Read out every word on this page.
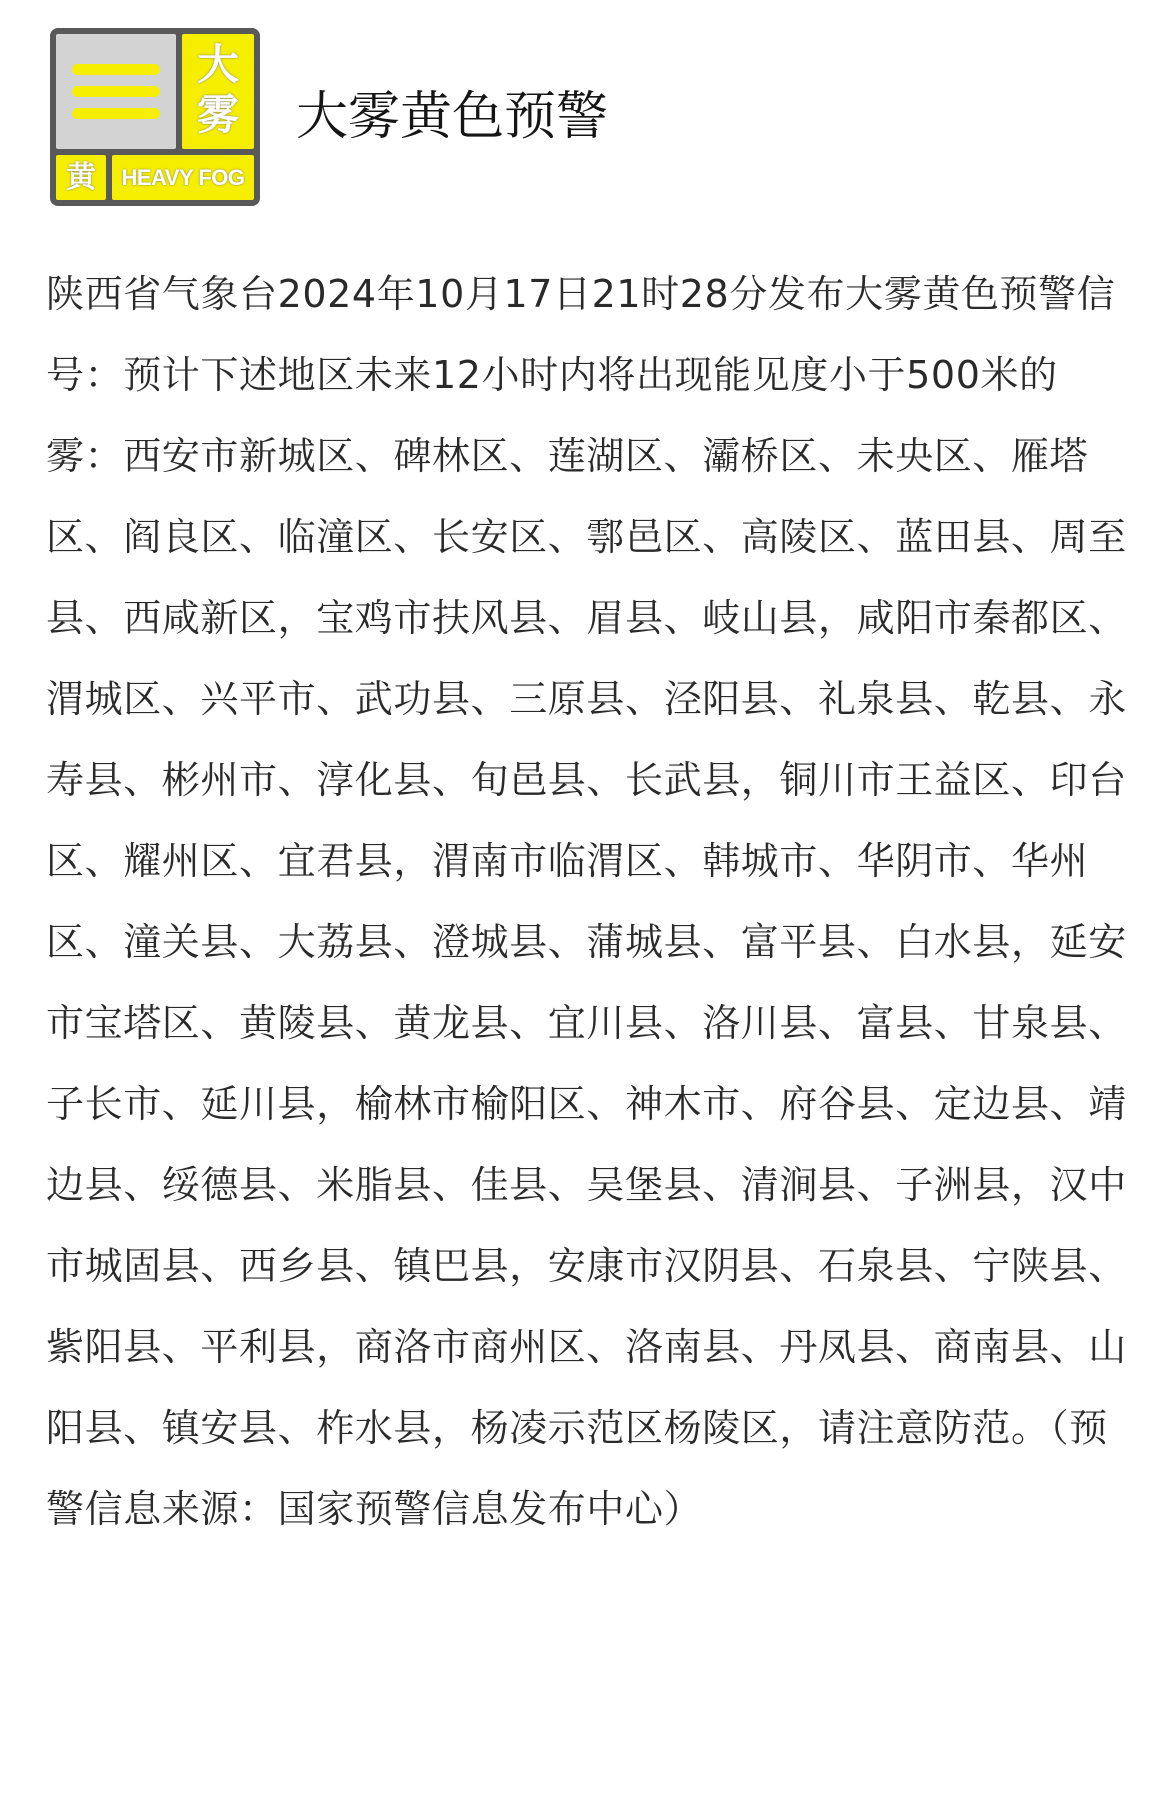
大
雾
黄	HEAVY FOG
大雾黄色预警

陕西省气象台2024年10月17日21时28分发布大雾黄色预警信号：预计下述地区未来12小时内将出现能见度小于500米的雾：西安市新城区、碑林区、莲湖区、灞桥区、未央区、雁塔区、阎良区、临潼区、长安区、鄠邑区、高陵区、蓝田县、周至县、西咸新区，宝鸡市扶风县、眉县、岐山县，咸阳市秦都区、渭城区、兴平市、武功县、三原县、泾阳县、礼泉县、乾县、永寿县、彬州市、淳化县、旬邑县、长武县，铜川市王益区、印台区、耀州区、宜君县，渭南市临渭区、韩城市、华阴市、华州区、潼关县、大荔县、澄城县、蒲城县、富平县、白水县，延安市宝塔区、黄陵县、黄龙县、宜川县、洛川县、富县、甘泉县、子长市、延川县，榆林市榆阳区、神木市、府谷县、定边县、靖边县、绥德县、米脂县、佳县、吴堡县、清涧县、子洲县，汉中市城固县、西乡县、镇巴县，安康市汉阴县、石泉县、宁陕县、紫阳县、平利县，商洛市商州区、洛南县、丹凤县、商南县、山阳县、镇安县、柞水县，杨凌示范区杨陵区，请注意防范。（预警信息来源：国家预警信息发布中心）
